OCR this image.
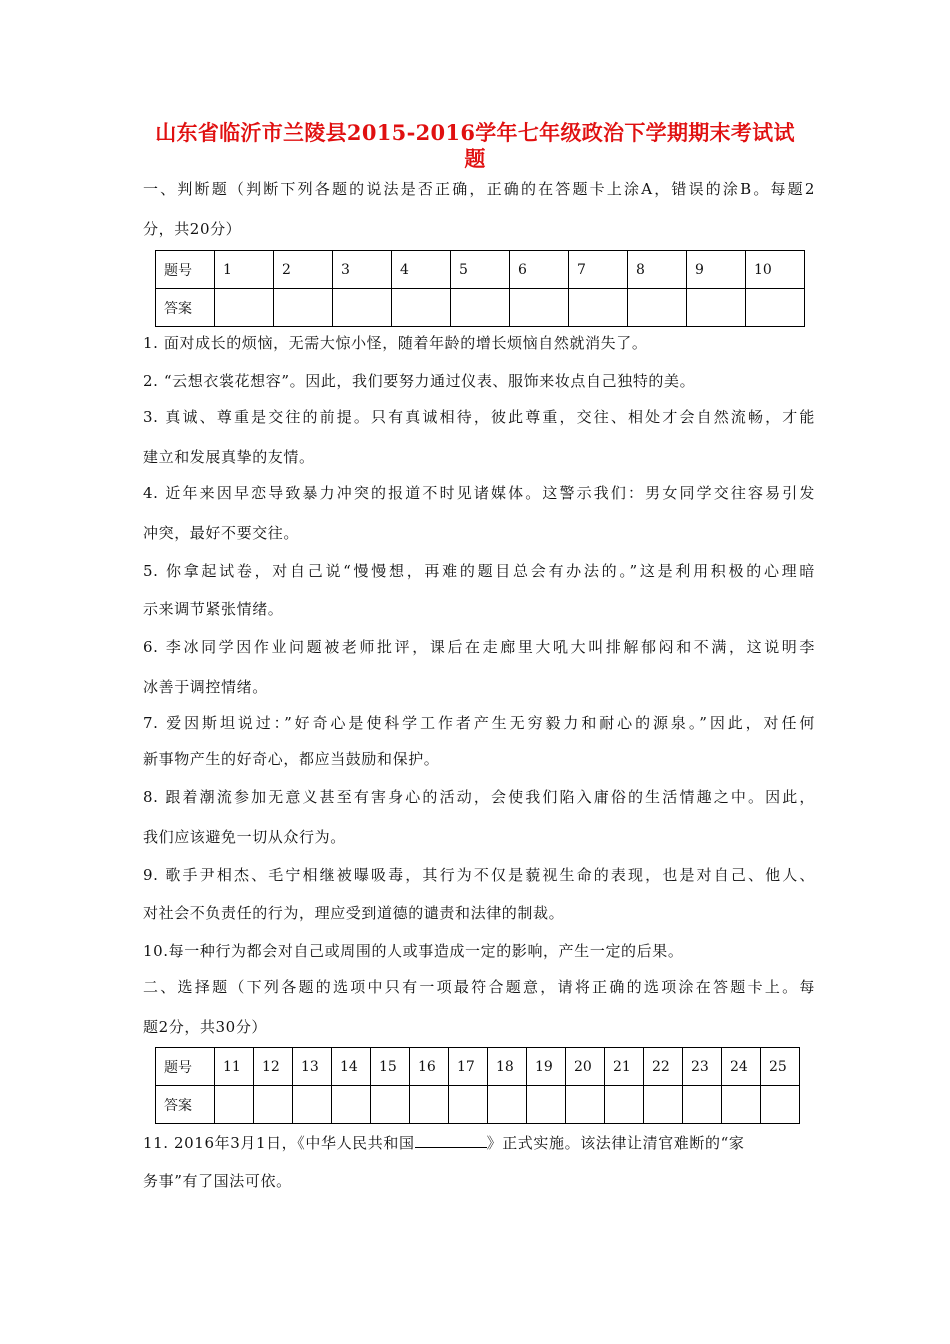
山东省临沂市兰陵县2015-2016学年七年级政治下学期期末考试试
题
一、判断题（判断下列各题的说法是否正确，正确的在答题卡上涂A，错误的涂B。每题2
分，共20分）
题号	1	2	3	4	5	6	7	8	9	10
答案										
1. 面对成长的烦恼，无需大惊小怪，随着年龄的增长烦恼自然就消失了。
2. “云想衣裳花想容”。因此，我们要努力通过仪表、服饰来妆点自己独特的美。
3. 真诚、尊重是交往的前提。只有真诚相待，彼此尊重，交往、相处才会自然流畅，才能
建立和发展真挚的友情。
4. 近年来因早恋导致暴力冲突的报道不时见诸媒体。这警示我们：男女同学交往容易引发
冲突，最好不要交往。
5. 你拿起试卷，对自己说“慢慢想，再难的题目总会有办法的。”这是利用积极的心理暗
示来调节紧张情绪。
6. 李冰同学因作业问题被老师批评，课后在走廊里大吼大叫排解郁闷和不满，这说明李
冰善于调控情绪。
7. 爱因斯坦说过：”好奇心是使科学工作者产生无穷毅力和耐心的源泉。”因此，对任何
新事物产生的好奇心，都应当鼓励和保护。
8. 跟着潮流参加无意义甚至有害身心的活动，会使我们陷入庸俗的生活情趣之中。因此，
我们应该避免一切从众行为。
9. 歌手尹相杰、毛宁相继被曝吸毒，其行为不仅是藐视生命的表现，也是对自己、他人、
对社会不负责任的行为，理应受到道德的谴责和法律的制裁。
10.每一种行为都会对自己或周围的人或事造成一定的影响，产生一定的后果。
二、选择题（下列各题的选项中只有一项最符合题意，请将正确的选项涂在答题卡上。每
题2分，共30分）
题号	11	12	13	14	15	16	17	18	19	20	21	22	23	24	25
答案															
11. 2016年3月1日，《中华人民共和国	》正式实施。该法律让清官难断的“家
务事”有了国法可依。
